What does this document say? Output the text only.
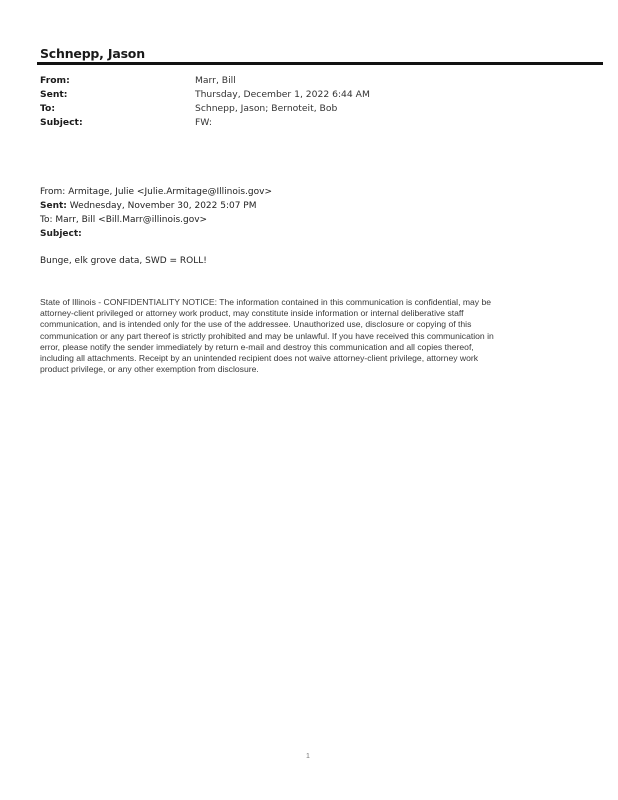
Schnepp, Jason
From:	Marr, Bill
Sent:	Thursday, December 1, 2022 6:44 AM
To:	Schnepp, Jason; Bernoteit, Bob
Subject:	FW:
From: Armitage, Julie <Julie.Armitage@Illinois.gov>
Sent: Wednesday, November 30, 2022 5:07 PM
To: Marr, Bill <Bill.Marr@illinois.gov>
Subject:
Bunge, elk grove data, SWD = ROLL!
State of Illinois - CONFIDENTIALITY NOTICE: The information contained in this communication is confidential, may be
attorney-client privileged or attorney work product, may constitute inside information or internal deliberative staff
communication, and is intended only for the use of the addressee. Unauthorized use, disclosure or copying of this
communication or any part thereof is strictly prohibited and may be unlawful. If you have received this communication in
error, please notify the sender immediately by return e-mail and destroy this communication and all copies thereof,
including all attachments. Receipt by an unintended recipient does not waive attorney-client privilege, attorney work
product privilege, or any other exemption from disclosure.
1
